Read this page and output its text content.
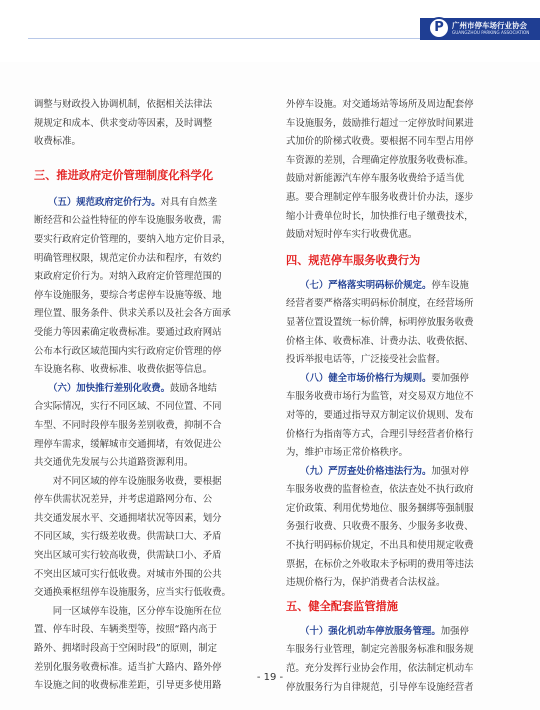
P	广州市停车场行业协会
GUANGZHOU PARKING ASSOCIATION

调整与财政投入协调机制，依据相关法律法
规规定和成本、供求变动等因素，及时调整
收费标准。

三、推进政府定价管理制度化科学化

　　（五）规范政府定价行为。对具有自然垄
断经营和公益性特征的停车设施服务收费，需
要实行政府定价管理的，要纳入地方定价目录，
明确管理权限，规范定价办法和程序，有效约
束政府定价行为。对纳入政府定价管理范围的
停车设施服务，要综合考虑停车设施等级、地
理位置、服务条件、供求关系以及社会各方面承
受能力等因素确定收费标准。要通过政府网站
公布本行政区域范围内实行政府定价管理的停
车设施名称、收费标准、收费依据等信息。

　　（六）加快推行差别化收费。鼓励各地结
合实际情况，实行不同区域、不同位置、不同
车型、不同时段停车服务差别收费，抑制不合
理停车需求，缓解城市交通拥堵，有效促进公
共交通优先发展与公共道路资源利用。

　　对不同区域的停车设施服务收费，要根据
停车供需状况差异，并考虑道路网分布、公
共交通发展水平、交通拥堵状况等因素，划分
不同区域，实行级差收费。供需缺口大、矛盾
突出区域可实行较高收费，供需缺口小、矛盾
不突出区域可实行低收费。对城市外围的公共
交通换乘枢纽停车设施服务，应当实行低收费。

　　同一区域停车设施，区分停车设施所在位
置、停车时段、车辆类型等，按照“路内高于
路外、拥堵时段高于空闲时段”的原则，制定
差别化服务收费标准。适当扩大路内、路外停
车设施之间的收费标准差距，引导更多使用路

外停车设施。对交通场站等场所及周边配套停
车设施服务，鼓励推行超过一定停放时间累进
式加价的阶梯式收费。要根据不同车型占用停
车资源的差别，合理确定停放服务收费标准。
鼓励对新能源汽车停车服务收费给予适当优
惠。要合理制定停车服务收费计价办法，逐步
缩小计费单位时长，加快推行电子缴费技术，
鼓励对短时停车实行收费优惠。

四、规范停车服务收费行为

　　（七）严格落实明码标价规定。停车设施
经营者要严格落实明码标价制度，在经营场所
显著位置设置统一标价牌，标明停放服务收费
价格主体、收费标准、计费办法、收费依据、
投诉举报电话等，广泛接受社会监督。

　　（八）健全市场价格行为规则。要加强停
车服务收费市场行为监管，对交易双方地位不
对等的，要通过指导双方制定议价规则、发布
价格行为指南等方式，合理引导经营者价格行
为，维护市场正常价格秩序。

　　（九）严厉查处价格违法行为。加强对停
车服务收费的监督检查，依法查处不执行政府
定价政策、利用优势地位、服务捆绑等强制服
务强行收费、只收费不服务、少服务多收费、
不执行明码标价规定，不出具和使用规定收费
票据，在标价之外收取未予标明的费用等违法
违规价格行为，保护消费者合法权益。

五、健全配套监管措施

　　（十）强化机动车停放服务管理。加强停
车服务行业管理，制定完善服务标准和服务规
范。充分发挥行业协会作用，依法制定机动车
停放服务行为自律规范，引导停车设施经营者

- 19 -
